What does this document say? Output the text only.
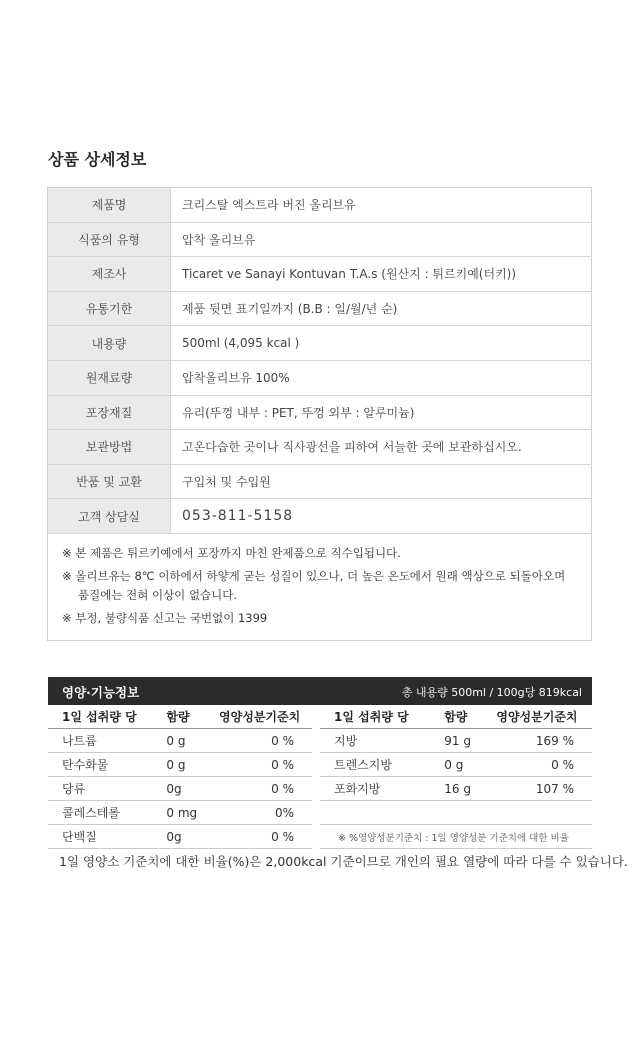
상품 상세정보
제품명	크리스탈 엑스트라 버진 올리브유
식품의 유형	압착 올리브유
제조사	Ticaret ve Sanayi Kontuvan T.A.s (원산지 : 튀르키예(터키))
유통기한	제품 뒷면 표기일까지 (B.B : 일/월/년 순)
내용량	500ml (4,095 kcal )
원재료량	압착올리브유 100%
포장재질	유리(뚜껑 내부 : PET, 뚜껑 외부 : 알루미늄)
보관방법	고온다습한 곳이나 직사광선을 피하여 서늘한 곳에 보관하십시오.
반품 및 교환	구입처 및 수입원
고객 상담실	053-811-5158

※ 본 제품은 튀르키예에서 포장까지 마친 완제품으로 직수입됩니다.

※ 올리브유는 8℃ 이하에서 하얗게 굳는 성질이 있으나, 더 높은 온도에서 원래 액상으로 되돌아오며 품질에는 전혀 이상이 없습니다.

※ 부정, 불량식품 신고는 국번없이 1399	

영양·기능정보	총 내용량 500ml / 100g당 819kcal
1일 섭취량 당	함량	영양성분기준치
나트륨	0 g	0 %
탄수화물	0 g	0 %
당류	0g	0 %
콜레스테롤	0 mg	0%
단백질	0g	0 %
1일 섭취량 당	함량	영양성분기준치
지방	91 g	169 %
트렌스지방	0 g	0 %
포화지방	16 g	107 %

※ %영양성분기준치 : 1일 영양성분 기준치에 대한 비율		
1일 영양소 기준치에 대한 비율(%)은 2,000kcal 기준이므로 개인의 필요 열량에 따라 다를 수 있습니다.
